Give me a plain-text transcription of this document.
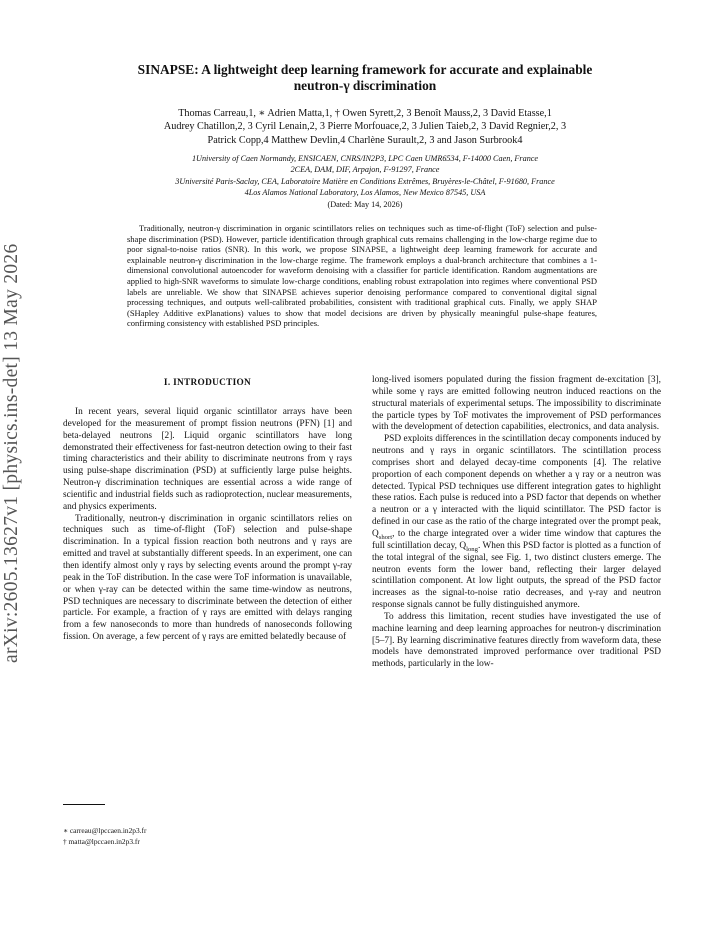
arXiv:2605.13627v1 [physics.ins-det] 13 May 2026
SINAPSE: A lightweight deep learning framework for accurate and explainable
neutron-γ discrimination
Thomas Carreau,1, ∗ Adrien Matta,1, † Owen Syrett,2, 3 Benoît Mauss,2, 3 David Etasse,1
Audrey Chatillon,2, 3 Cyril Lenain,2, 3 Pierre Morfouace,2, 3 Julien Taieb,2, 3 David Regnier,2, 3
Patrick Copp,4 Matthew Devlin,4 Charlène Surault,2, 3 and Jason Surbrook4
1University of Caen Normandy, ENSICAEN, CNRS/IN2P3, LPC Caen UMR6534, F-14000 Caen, France
2CEA, DAM, DIF, Arpajon, F-91297, France
3Université Paris-Saclay, CEA, Laboratoire Matière en Conditions Extrêmes, Bruyères-le-Châtel, F-91680, France
4Los Alamos National Laboratory, Los Alamos, New Mexico 87545, USA
(Dated: May 14, 2026)
Traditionally, neutron-γ discrimination in organic scintillators relies on techniques such as time-of-flight (ToF) selection and pulse-shape discrimination (PSD). However, particle identification through graphical cuts remains challenging in the low-charge regime due to poor signal-to-noise ratios (SNR). In this work, we propose SINAPSE, a lightweight deep learning framework for accurate and explainable neutron-γ discrimination in the low-charge regime. The framework employs a dual-branch architecture that combines a 1-dimensional convolutional autoencoder for waveform denoising with a classifier for particle identification. Random augmentations are applied to high-SNR waveforms to simulate low-charge conditions, enabling robust extrapolation into regimes where conventional PSD labels are unreliable. We show that SINAPSE achieves superior denoising performance compared to conventional digital signal processing techniques, and outputs well-calibrated probabilities, consistent with traditional graphical cuts. Finally, we apply SHAP (SHapley Additive exPlanations) values to show that model decisions are driven by physically meaningful pulse-shape features, confirming consistency with established PSD principles.
I. INTRODUCTION

In recent years, several liquid organic scintillator arrays have been developed for the measurement of prompt fission neutrons (PFN) [1] and beta-delayed neutrons [2]. Liquid organic scintillators have long demonstrated their effectiveness for fast-neutron detection owing to their fast timing characteristics and their ability to discriminate neutrons from γ rays using pulse-shape discrimination (PSD) at sufficiently large pulse heights. Neutron-γ discrimination techniques are essential across a wide range of scientific and industrial fields such as radioprotection, nuclear measurements, and physics experiments.

Traditionally, neutron-γ discrimination in organic scintillators relies on techniques such as time-of-flight (ToF) selection and pulse-shape discrimination. In a typical fission reaction both neutrons and γ rays are emitted and travel at substantially different speeds. In an experiment, one can then identify almost only γ rays by selecting events around the prompt γ-ray peak in the ToF distribution. In the case were ToF information is unavailable, or when γ-ray can be detected within the same time-window as neutrons, PSD techniques are necessary to discriminate between the detection of either particle. For example, a fraction of γ rays are emitted with delays ranging from a few nanoseconds to more than hundreds of nanoseconds following fission. On average, a few percent of γ rays are emitted belatedly because of

long-lived isomers populated during the fission fragment de-excitation [3], while some γ rays are emitted following neutron induced reactions on the structural materials of experimental setups. The impossibility to discriminate the particle types by ToF motivates the improvement of PSD performances with the development of detection capabilities, electronics, and data analysis.

PSD exploits differences in the scintillation decay components induced by neutrons and γ rays in organic scintillators. The scintillation process comprises short and delayed decay-time components [4]. The relative proportion of each component depends on whether a γ ray or a neutron was detected. Typical PSD techniques use different integration gates to highlight these ratios. Each pulse is reduced into a PSD factor that depends on whether a neutron or a γ interacted with the liquid scintillator. The PSD factor is defined in our case as the ratio of the charge integrated over the prompt peak, $Q_{short}$, to the charge integrated over a wider time window that captures the full scintillation decay, $Q_{long}$. When this PSD factor is plotted as a function of the total integral of the signal, see Fig. 1, two distinct clusters emerge. The neutron events form the lower band, reflecting their larger delayed scintillation component. At low light outputs, the spread of the PSD factor increases as the signal-to-noise ratio decreases, and γ-ray and neutron response signals cannot be fully distinguished anymore.

To address this limitation, recent studies have investigated the use of machine learning and deep learning approaches for neutron-γ discrimination [5–7]. By learning discriminative features directly from waveform data, these models have demonstrated improved performance over traditional PSD methods, particularly in the low-

∗ carreau@lpccaen.in2p3.fr
† matta@lpccaen.in2p3.fr
